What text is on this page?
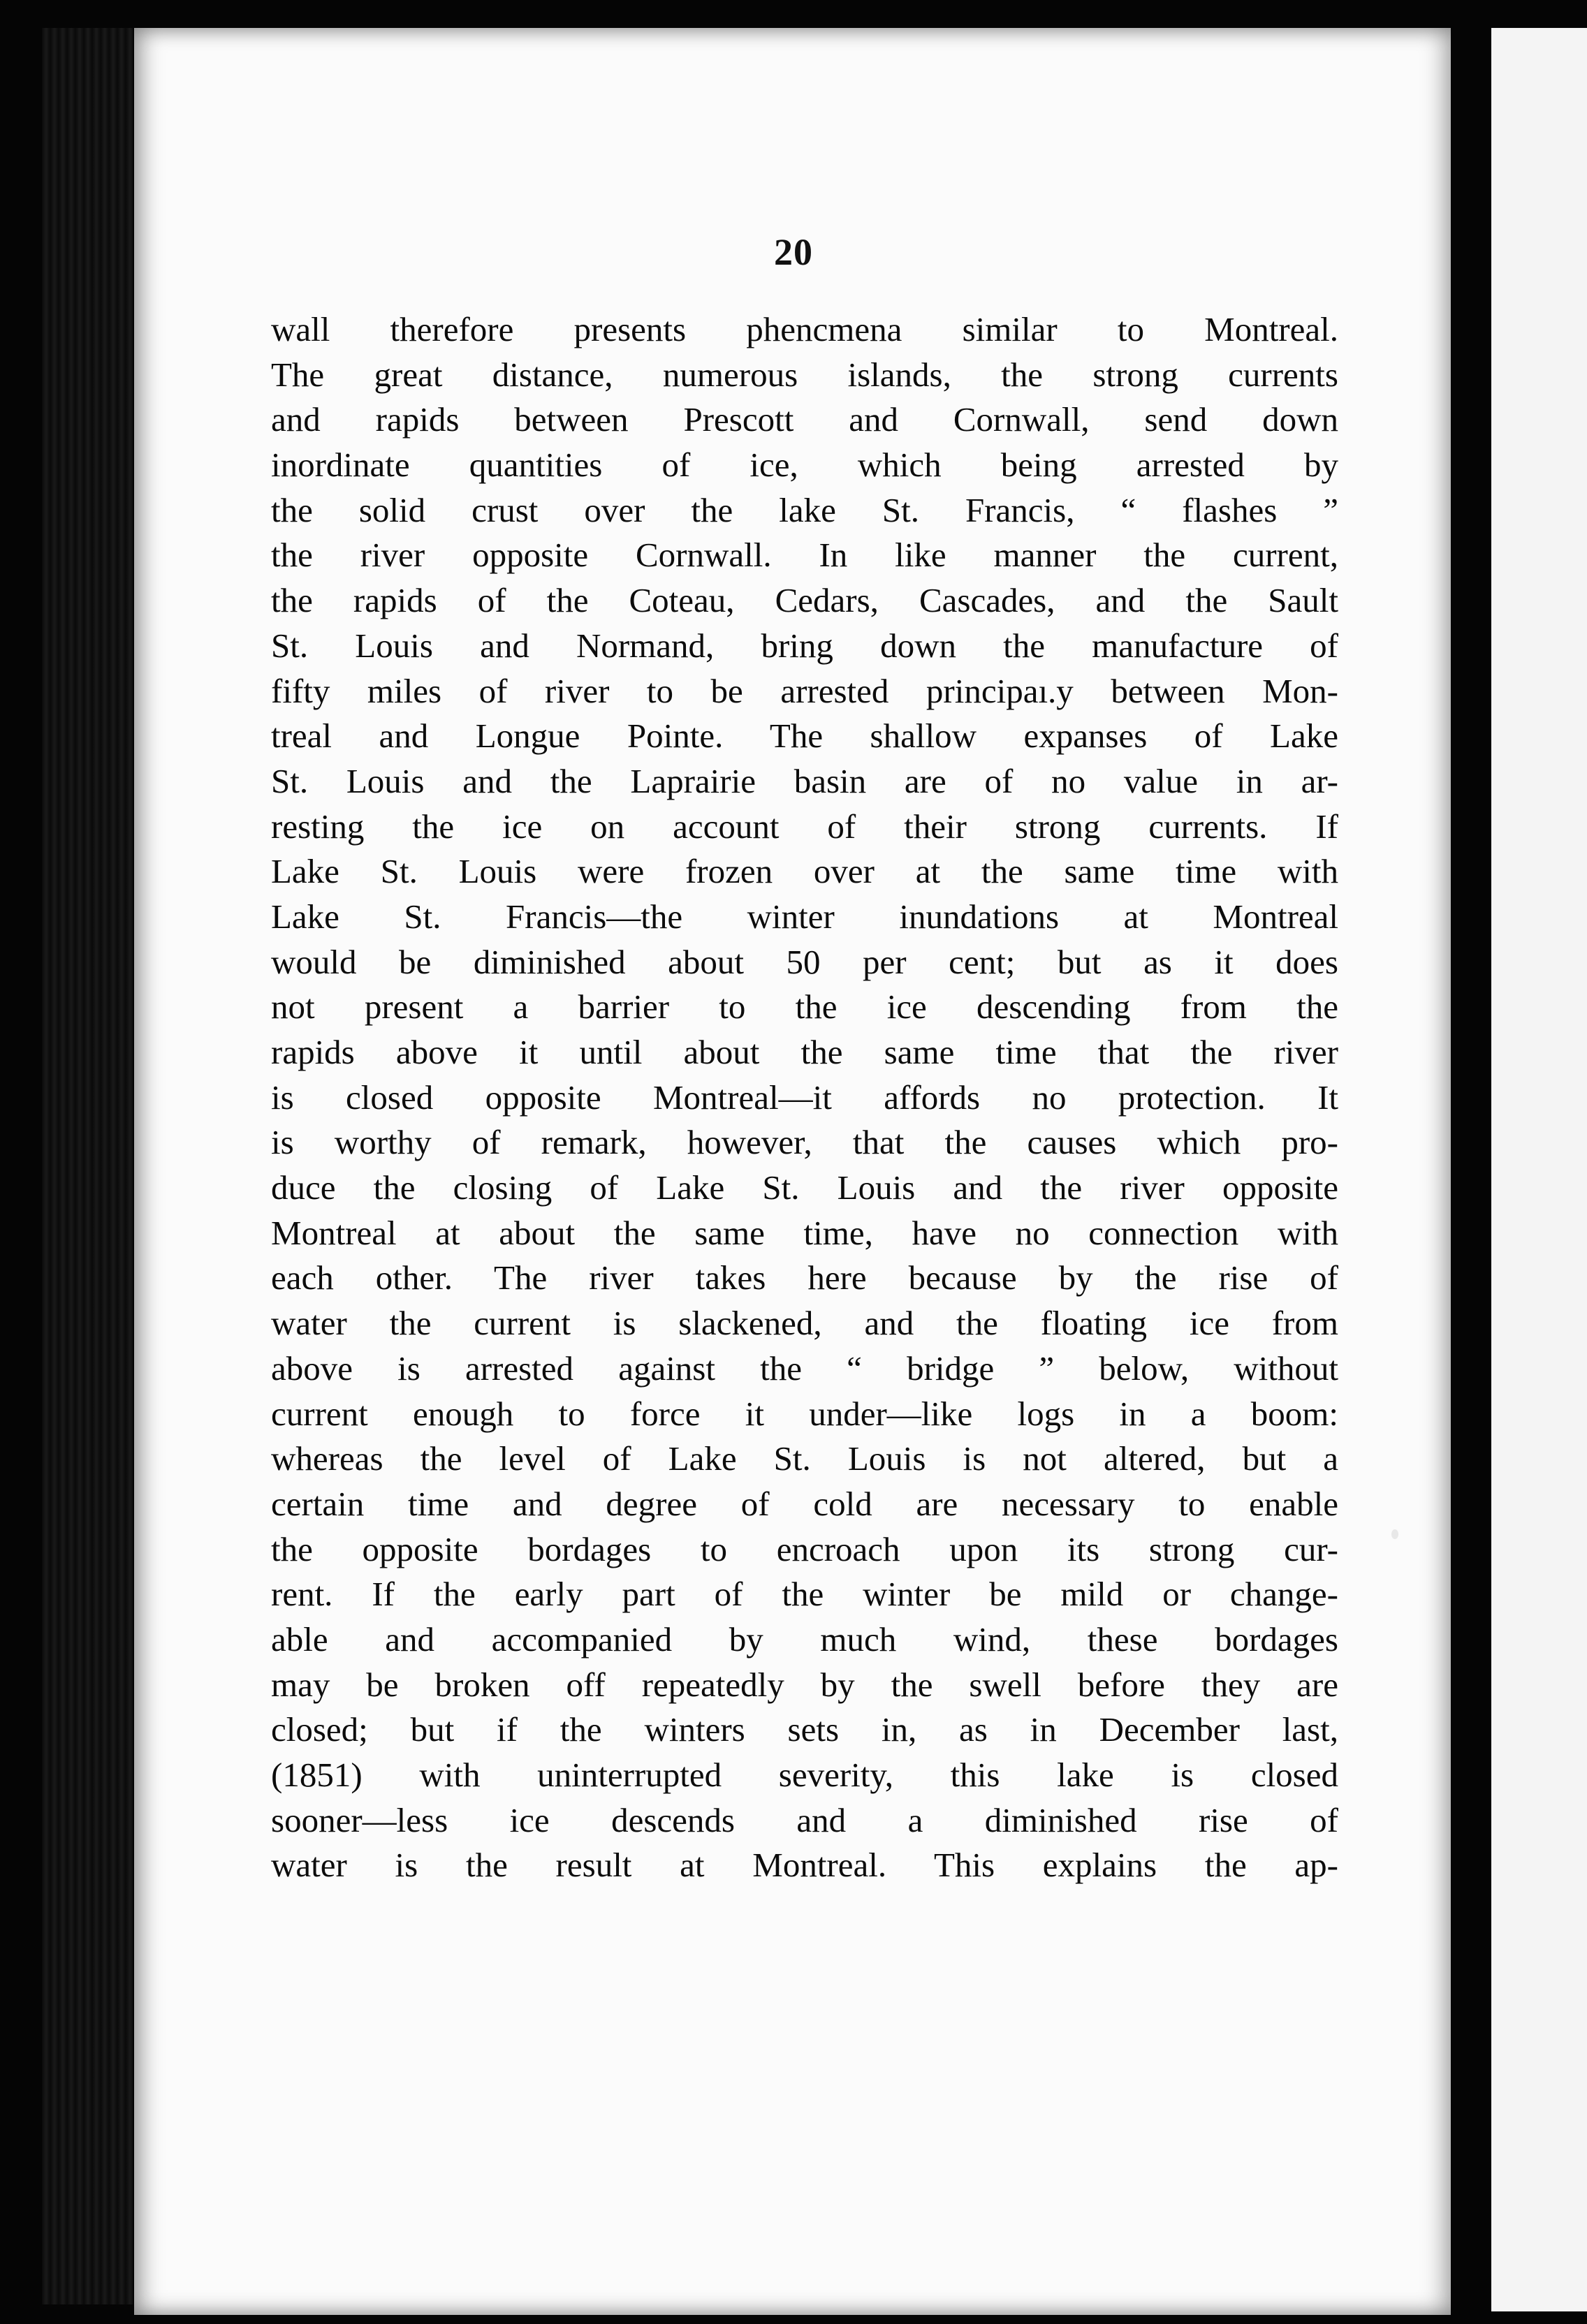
20
wall therefore presents phencmena similar to Montreal.
The great distance, numerous islands, the strong currents
and rapids between Prescott and Cornwall, send down
inordinate quantities of ice, which being arrested by
the solid crust over the lake St. Francis, “ flashes ”
the river opposite Cornwall. In like manner the current,
the rapids of the Coteau, Cedars, Cascades, and the Sault
St. Louis and Normand, bring down the manufacture of
fifty miles of river to be arrested principaı.y between Mon-
treal and Longue Pointe. The shallow expanses of Lake
St. Louis and the Laprairie basin are of no value in ar-
resting the ice on account of their strong currents. If
Lake St. Louis were frozen over at the same time with
Lake St. Francis—the winter inundations at Montreal
would be diminished about 50 per cent; but as it does
not present a barrier to the ice descending from the
rapids above it until about the same time that the river
is closed opposite Montreal—it affords no protection. It
is worthy of remark, however, that the causes which pro-
duce the closing of Lake St. Louis and the river opposite
Montreal at about the same time, have no connection with
each other. The river takes here because by the rise of
water the current is slackened, and the floating ice from
above is arrested against the “ bridge ” below, without
current enough to force it under—like logs in a boom:
whereas the level of Lake St. Louis is not altered, but a
certain time and degree of cold are necessary to enable
the opposite bordages to encroach upon its strong cur-
rent. If the early part of the winter be mild or change-
able and accompanied by much wind, these bordages
may be broken off repeatedly by the swell before they are
closed; but if the winters sets in, as in December last,
(1851) with uninterrupted severity, this lake is closed
sooner—less ice descends and a diminished rise of
water is the result at Montreal. This explains the ap-
